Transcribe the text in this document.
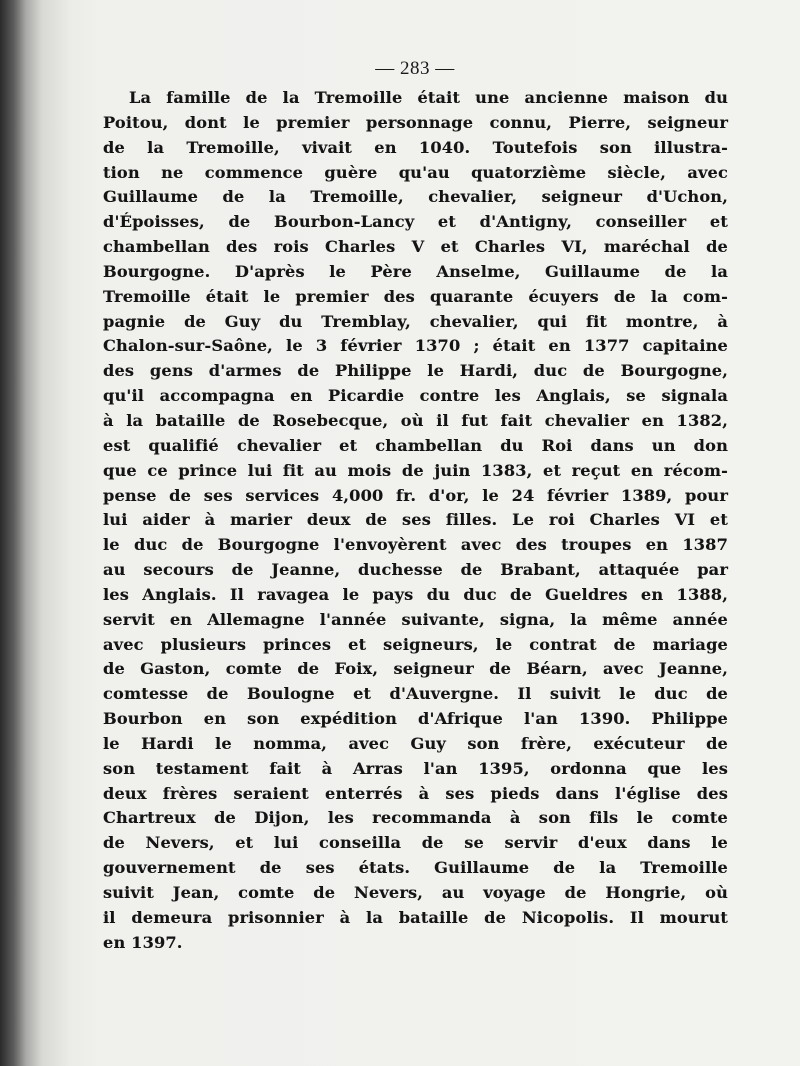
— 283 —
La famille de la Tremoille était une ancienne maison du
Poitou, dont le premier personnage connu, Pierre, seigneur
de la Tremoille, vivait en 1040. Toutefois son illustra-
tion ne commence guère qu'au quatorzième siècle, avec
Guillaume de la Tremoille, chevalier, seigneur d'Uchon,
d'Époisses, de Bourbon-Lancy et d'Antigny, conseiller et
chambellan des rois Charles V et Charles VI, maréchal de
Bourgogne. D'après le Père Anselme, Guillaume de la
Tremoille était le premier des quarante écuyers de la com-
pagnie de Guy du Tremblay, chevalier, qui fit montre, à
Chalon-sur-Saône, le 3 février 1370 ; était en 1377 capitaine
des gens d'armes de Philippe le Hardi, duc de Bourgogne,
qu'il accompagna en Picardie contre les Anglais, se signala
à la bataille de Rosebecque, où il fut fait chevalier en 1382,
est qualifié chevalier et chambellan du Roi dans un don
que ce prince lui fit au mois de juin 1383, et reçut en récom-
pense de ses services 4,000 fr. d'or, le 24 février 1389, pour
lui aider à marier deux de ses filles. Le roi Charles VI et
le duc de Bourgogne l'envoyèrent avec des troupes en 1387
au secours de Jeanne, duchesse de Brabant, attaquée par
les Anglais. Il ravagea le pays du duc de Gueldres en 1388,
servit en Allemagne l'année suivante, signa, la même année
avec plusieurs princes et seigneurs, le contrat de mariage
de Gaston, comte de Foix, seigneur de Béarn, avec Jeanne,
comtesse de Boulogne et d'Auvergne. Il suivit le duc de
Bourbon en son expédition d'Afrique l'an 1390. Philippe
le Hardi le nomma, avec Guy son frère, exécuteur de
son testament fait à Arras l'an 1395, ordonna que les
deux frères seraient enterrés à ses pieds dans l'église des
Chartreux de Dijon, les recommanda à son fils le comte
de Nevers, et lui conseilla de se servir d'eux dans le
gouvernement de ses états. Guillaume de la Tremoille
suivit Jean, comte de Nevers, au voyage de Hongrie, où
il demeura prisonnier à la bataille de Nicopolis. Il mourut
en 1397.
